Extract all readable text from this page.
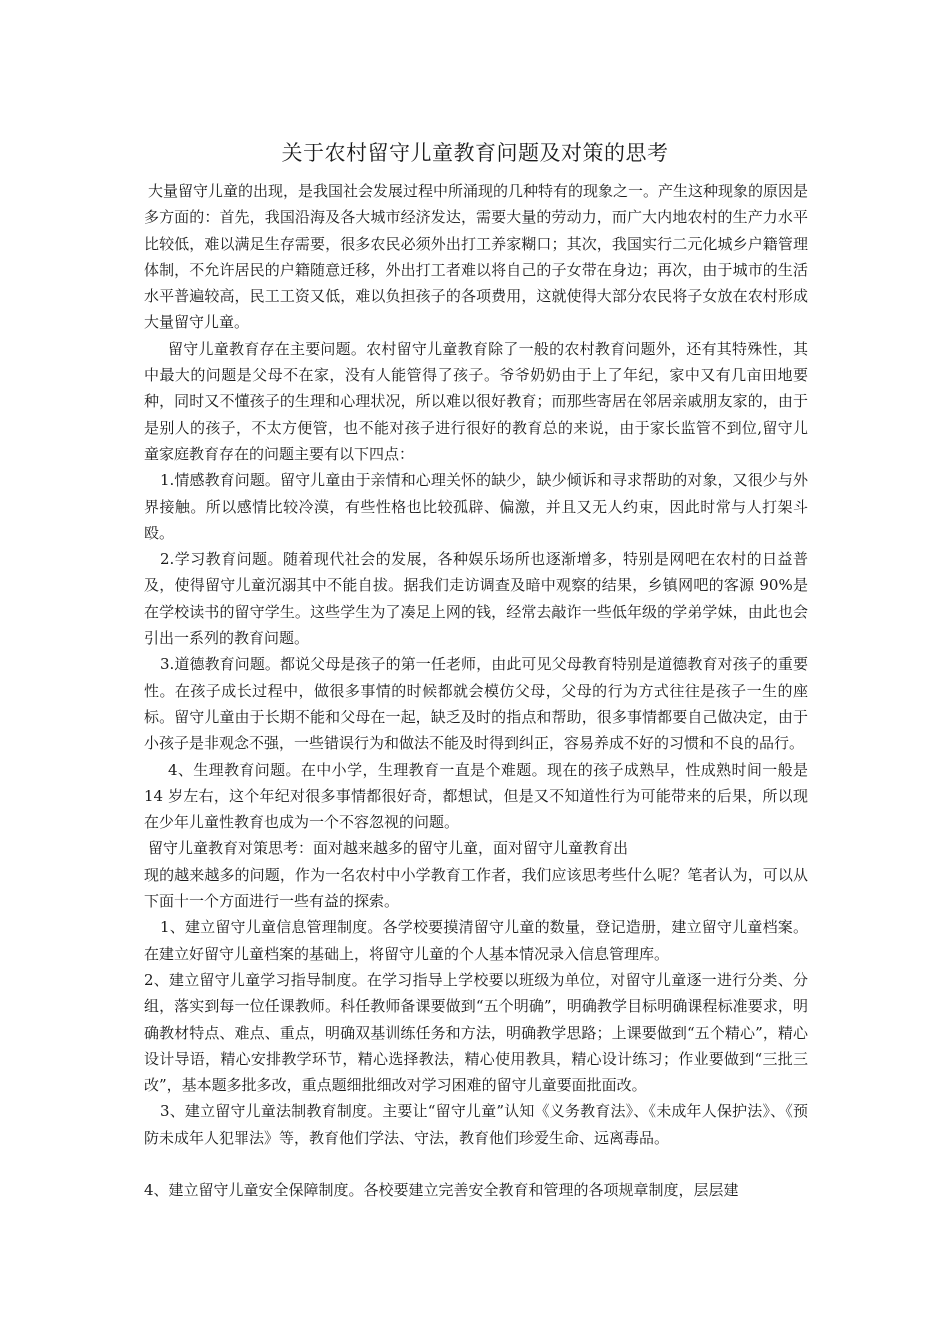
关于农村留守儿童教育问题及对策的思考

大量留守儿童的出现，是我国社会发展过程中所涌现的几种特有的现象之一。产生这种现象的原因是多方面的：首先，我国沿海及各大城市经济发达，需要大量的劳动力，而广大内地农村的生产力水平比较低，难以满足生存需要，很多农民必须外出打工养家糊口；其次，我国实行二元化城乡户籍管理体制，不允许居民的户籍随意迁移，外出打工者难以将自己的子女带在身边；再次，由于城市的生活水平普遍较高，民工工资又低，难以负担孩子的各项费用，这就使得大部分农民将子女放在农村形成大量留守儿童。

留守儿童教育存在主要问题。农村留守儿童教育除了一般的农村教育问题外，还有其特殊性，其中最大的问题是父母不在家，没有人能管得了孩子。爷爷奶奶由于上了年纪，家中又有几亩田地要种，同时又不懂孩子的生理和心理状况，所以难以很好教育；而那些寄居在邻居亲戚朋友家的，由于是别人的孩子，不太方便管，也不能对孩子进行很好的教育总的来说，由于家长监管不到位,留守儿童家庭教育存在的问题主要有以下四点：

1.情感教育问题。留守儿童由于亲情和心理关怀的缺少，缺少倾诉和寻求帮助的对象，又很少与外界接触。所以感情比较冷漠，有些性格也比较孤辟、偏激，并且又无人约束，因此时常与人打架斗殴。

2.学习教育问题。随着现代社会的发展，各种娱乐场所也逐渐增多，特别是网吧在农村的日益普及，使得留守儿童沉溺其中不能自拔。据我们走访调查及暗中观察的结果，乡镇网吧的客源 90%是在学校读书的留守学生。这些学生为了凑足上网的钱，经常去敲诈一些低年级的学弟学妹，由此也会引出一系列的教育问题。

3.道德教育问题。都说父母是孩子的第一任老师，由此可见父母教育特别是道德教育对孩子的重要性。在孩子成长过程中，做很多事情的时候都就会模仿父母，父母的行为方式往往是孩子一生的座标。留守儿童由于长期不能和父母在一起，缺乏及时的指点和帮助，很多事情都要自己做决定，由于小孩子是非观念不强，一些错误行为和做法不能及时得到纠正，容易养成不好的习惯和不良的品行。

4、生理教育问题。在中小学，生理教育一直是个难题。现在的孩子成熟早，性成熟时间一般是 14 岁左右，这个年纪对很多事情都很好奇，都想试，但是又不知道性行为可能带来的后果，所以现在少年儿童性教育也成为一个不容忽视的问题。

留守儿童教育对策思考：面对越来越多的留守儿童，面对留守儿童教育出

现的越来越多的问题，作为一名农村中小学教育工作者，我们应该思考些什么呢？笔者认为，可以从下面十一个方面进行一些有益的探索。

1、建立留守儿童信息管理制度。各学校要摸清留守儿童的数量，登记造册，建立留守儿童档案。在建立好留守儿童档案的基础上，将留守儿童的个人基本情况录入信息管理库。

2、建立留守儿童学习指导制度。在学习指导上学校要以班级为单位，对留守儿童逐一进行分类、分组，落实到每一位任课教师。科任教师备课要做到“五个明确”，明确教学目标明确课程标准要求，明确教材特点、难点、重点，明确双基训练任务和方法，明确教学思路；上课要做到“五个精心”，精心设计导语，精心安排教学环节，精心选择教法，精心使用教具，精心设计练习；作业要做到“三批三改”，基本题多批多改，重点题细批细改对学习困难的留守儿童要面批面改。

3、建立留守儿童法制教育制度。主要让“留守儿童”认知《义务教育法》、《未成年人保护法》、《预防未成年人犯罪法》等，教育他们学法、守法，教育他们珍爱生命、远离毒品。

4、建立留守儿童安全保障制度。各校要建立完善安全教育和管理的各项规章制度，层层建
